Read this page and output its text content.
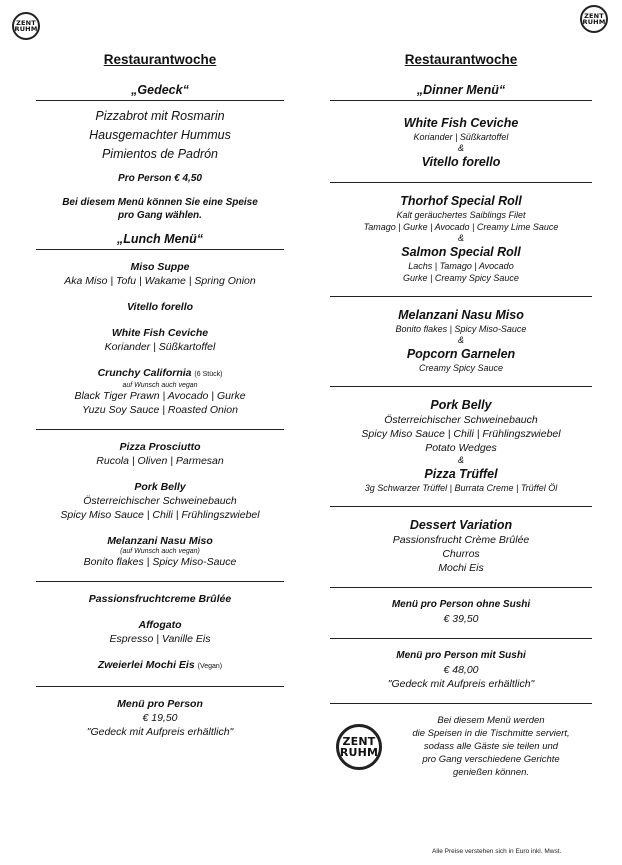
ZENT
RUHM
ZENT
RUHM
Restaurantwoche
„Gedeck“
Pizzabrot mit Rosmarin
Hausgemachter Hummus
Pimientos de Padrón
Pro Person € 4,50
Bei diesem Menü können Sie eine Speise
pro Gang wählen.
„Lunch Menü“
Miso Suppe
Aka Miso | Tofu | Wakame | Spring Onion
Vitello forello
White Fish Ceviche
Koriander | Süßkartoffel
Crunchy California (6 Stück)
auf Wunsch auch vegan
Black Tiger Prawn | Avocado | Gurke
Yuzu Soy Sauce | Roasted Onion
Pizza Prosciutto
Rucola | Oliven | Parmesan
Pork Belly
Österreichischer Schweinebauch
Spicy Miso Sauce | Chili | Frühlingszwiebel
Melanzani Nasu Miso
(auf Wunsch auch vegan)
Bonito flakes | Spicy Miso-Sauce
Passionsfruchtcreme Brûlée
Affogato
Espresso | Vanille Eis
Zweierlei Mochi Eis (Vegan)
Menü pro Person
€ 19,50
"Gedeck mit Aufpreis erhältlich"
Restaurantwoche
„Dinner Menü“
White Fish Ceviche
Koriander | Süßkartoffel
&
Vitello forello
Thorhof Special Roll
Kalt geräuchertes Saiblings Filet
Tamago | Gurke | Avocado | Creamy Lime Sauce
&
Salmon Special Roll
Lachs | Tamago | Avocado
Gurke | Creamy Spicy Sauce
Melanzani Nasu Miso
Bonito flakes | Spicy Miso-Sauce
&
Popcorn Garnelen
Creamy Spicy Sauce
Pork Belly
Österreichischer Schweinebauch
Spicy Miso Sauce | Chili | Frühlingszwiebel
Potato Wedges
&
Pizza Trüffel
3g Schwarzer Trüffel | Burrata Creme | Trüffel Öl
Dessert Variation
Passionsfrucht Crème Brûlée
Churros
Mochi Eis
Menü pro Person ohne Sushi
€ 39,50
Menü pro Person mit Sushi
€ 48,00
"Gedeck mit Aufpreis erhältlich"
ZENT
RUHM
Bei diesem Menü werden
die Speisen in die Tischmitte serviert,
sodass alle Gäste sie teilen und
pro Gang verschiedene Gerichte
genießen können.
Alle Preise verstehen sich in Euro inkl. Mwst.
